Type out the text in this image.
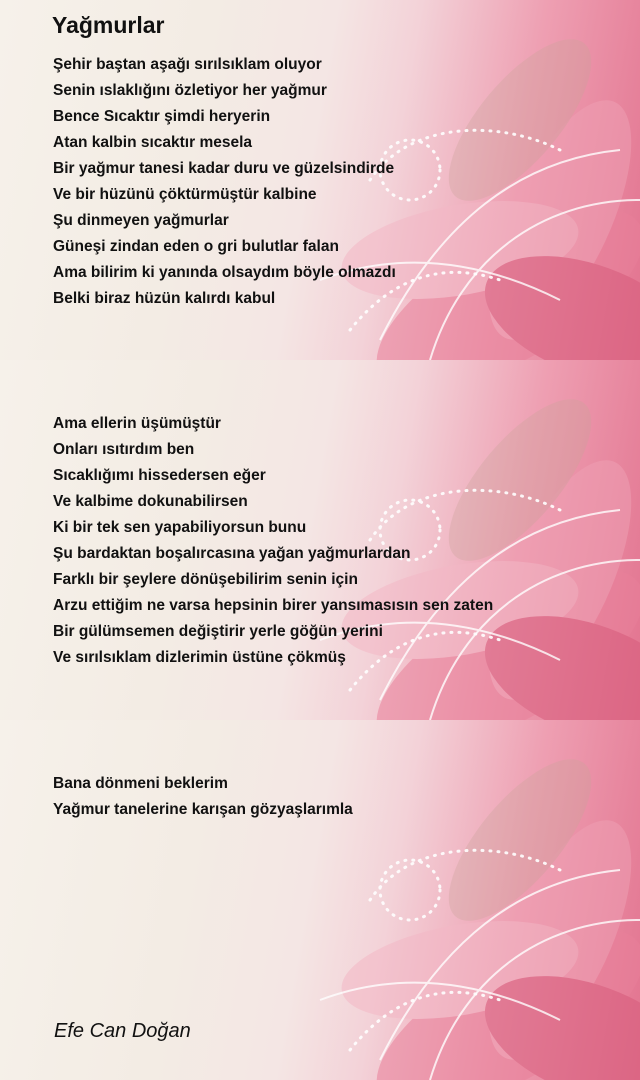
Yağmurlar
Şehir baştan aşağı sırılsıklam oluyor
Senin ıslaklığını özletiyor her yağmur
Bence Sıcaktır şimdi heryerin
Atan kalbin sıcaktır mesela
Bir yağmur tanesi kadar duru ve güzelsindirde
Ve bir hüzünü çöktürmüştür kalbine
Şu dinmeyen yağmurlar
Güneşi zindan eden o gri bulutlar falan
Ama bilirim ki yanında olsaydım böyle olmazdı
Belki biraz hüzün kalırdı kabul
Ama ellerin üşümüştür
Onları ısıtırdım ben
Sıcaklığımı hissedersen eğer
Ve kalbime dokunabilirsen
Ki bir tek sen yapabiliyorsun bunu
Şu bardaktan boşalırcasına yağan yağmurlardan
Farklı bir şeylere dönüşebilirim senin için
Arzu ettiğim ne varsa hepsinin birer yansımasısın sen zaten
Bir gülümsemen değiştirir yerle göğün yerini
Ve sırılsıklam dizlerimin üstüne çökmüş
Bana dönmeni beklerim
Yağmur tanelerine karışan gözyaşlarımla
Efe Can Doğan
